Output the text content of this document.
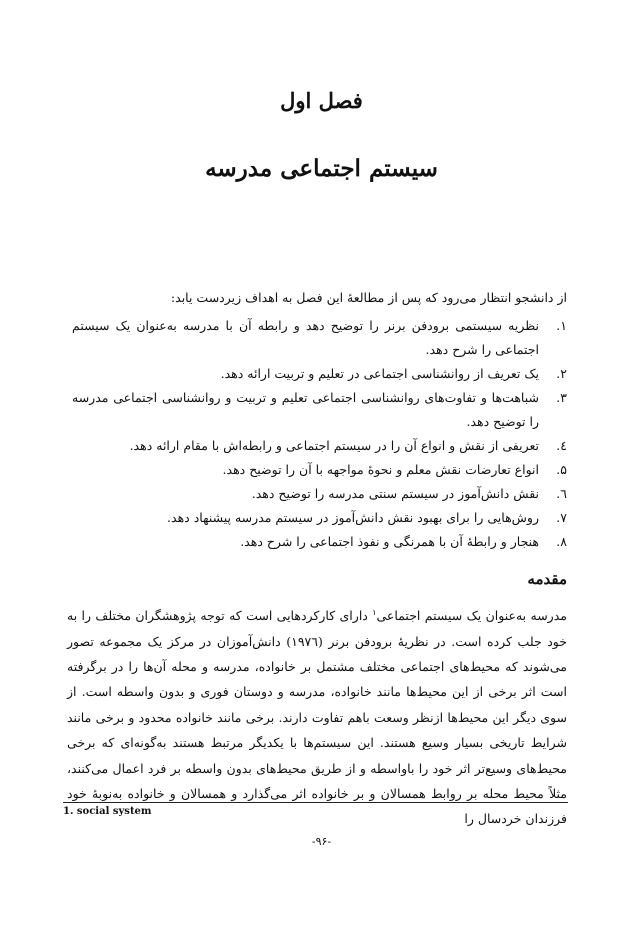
فصل اول
سیستم اجتماعی مدرسه
از دانشجو انتظار می‌رود که پس از مطالعهٔ این فصل به اهداف زیردست یابد:
۱.
نظریه سیستمی برودفن برنر را توضیح دهد و رابطه آن با مدرسه به‌عنوان یک سیستم اجتماعی را شرح دهد.
۲.
یک تعریف از روانشناسی اجتماعی در تعلیم و تربیت ارائه دهد.
۳.
شباهت‌ها و تفاوت‌های روانشناسی اجتماعی تعلیم و تربیت و روانشناسی اجتماعی مدرسه را توضیح دهد.
٤.
تعریفی از نقش و انواع آن را در سیستم اجتماعی و رابطه‌اش با مقام ارائه دهد.
۵.
انواع تعارضات نقش معلم و نحوهٔ مواجهه با آن را توضیح دهد.
٦.
نقش دانش‌آموز در سیستم سنتی مدرسه را توضیح دهد.
۷.
روش‌هایی را برای بهبود نقش دانش‌آموز در سیستم مدرسه پیشنهاد دهد.
۸.
هنجار و رابطهٔ آن با همرنگی و نفوذ اجتماعی را شرح دهد.
مقدمه
مدرسه به‌عنوان یک سیستم اجتماعی$^۱$ دارای کارکردهایی است که توجه پژوهشگران مختلف را به خود جلب کرده است. در نظریهٔ برودفن برنر (۱۹۷٦) دانش‌آموزان در مرکز یک مجموعه تصور می‌شوند که محیط‌های اجتماعی مختلف مشتمل بر خانواده، مدرسه و محله آن‌ها را در برگرفته است اثر برخی از این محیط‌ها مانند خانواده، مدرسه و دوستان فوری و بدون واسطه است. از سوی دیگر این محیط‌ها ازنظر وسعت باهم تفاوت دارند. برخی مانند خانواده محدود و برخی مانند شرایط تاریخی بسیار وسیع هستند. این سیستم‌ها با یکدیگر مرتبط هستند به‌گونه‌ای که برخی محیط‌های وسیع‌تر اثر خود را باواسطه و از طریق محیط‌های بدون واسطه بر فرد اعمال می‌کنند، مثلاً محیط محله بر روابط همسالان و بر خانواده اثر می‌گذارد و همسالان و خانواده به‌نوبهٔ خود فرزندان خردسال را
1. social system
-۹۶-
